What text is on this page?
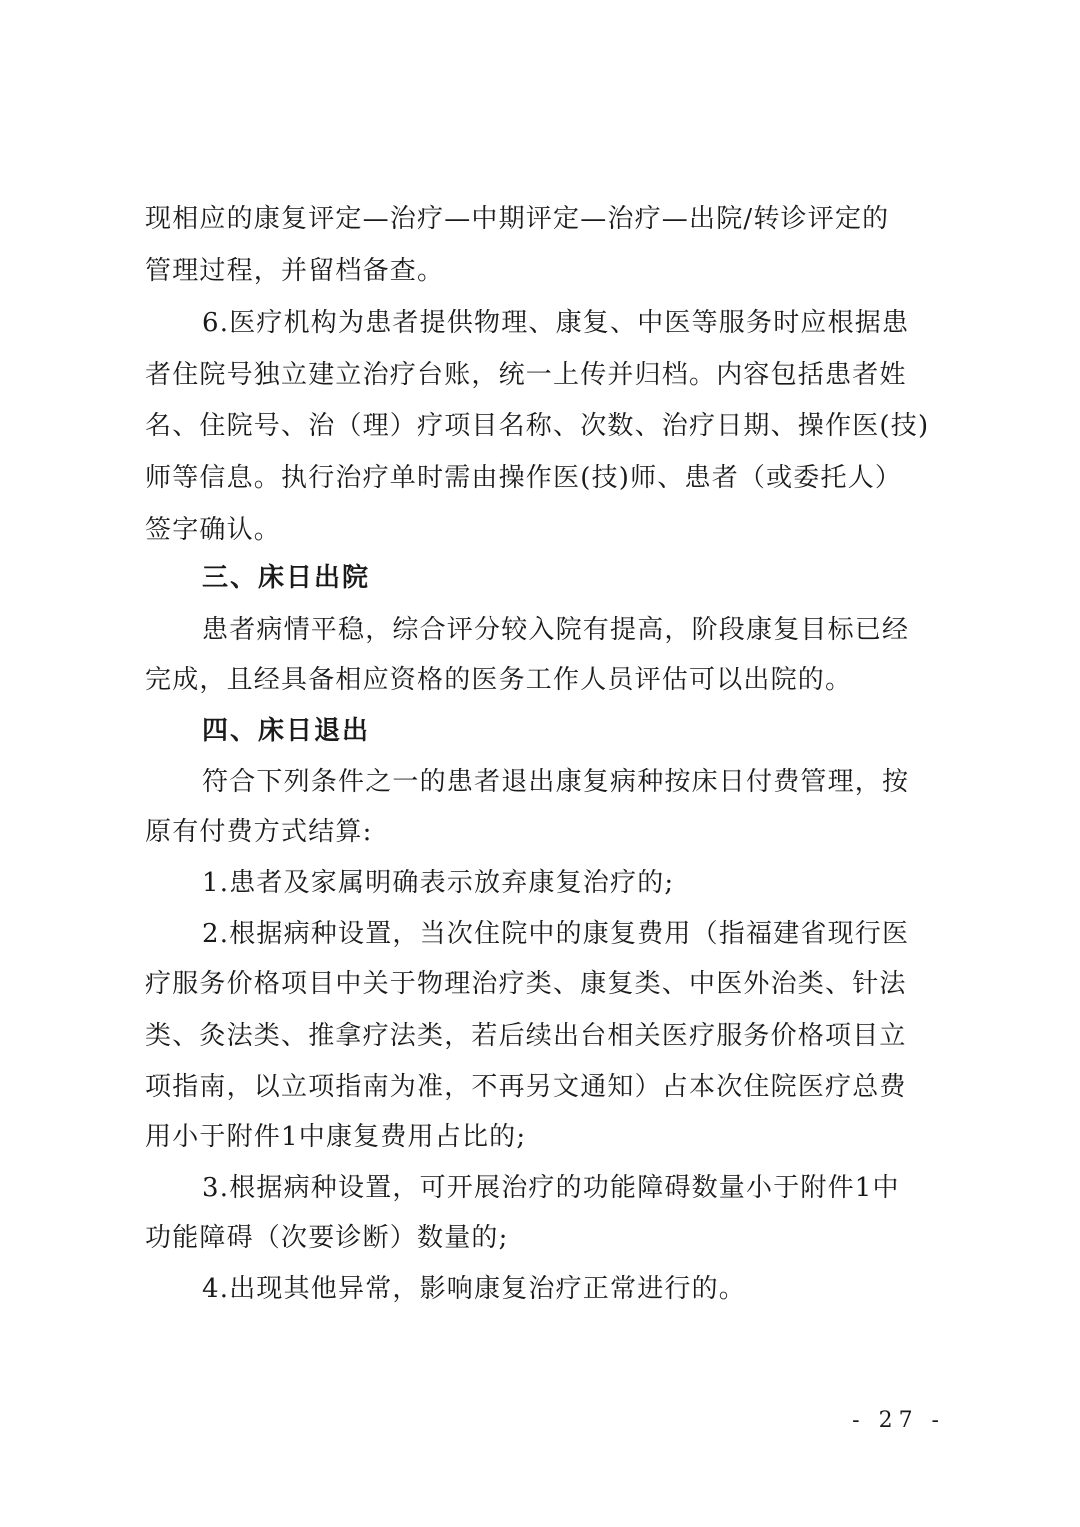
现相应的康复评定—治疗—中期评定—治疗—出院/转诊评定的
管理过程，并留档备查。
6.医疗机构为患者提供物理、康复、中医等服务时应根据患
者住院号独立建立治疗台账，统一上传并归档。内容包括患者姓
名、住院号、治（理）疗项目名称、次数、治疗日期、操作医(技)
师等信息。执行治疗单时需由操作医(技)师、患者（或委托人）
签字确认。
三、床日出院
患者病情平稳，综合评分较入院有提高，阶段康复目标已经
完成，且经具备相应资格的医务工作人员评估可以出院的。
四、床日退出
符合下列条件之一的患者退出康复病种按床日付费管理，按
原有付费方式结算:
1.患者及家属明确表示放弃康复治疗的;
2.根据病种设置，当次住院中的康复费用（指福建省现行医
疗服务价格项目中关于物理治疗类、康复类、中医外治类、针法
类、灸法类、推拿疗法类，若后续出台相关医疗服务价格项目立
项指南，以立项指南为准，不再另文通知）占本次住院医疗总费
用小于附件1中康复费用占比的;
3.根据病种设置，可开展治疗的功能障碍数量小于附件1中
功能障碍（次要诊断）数量的;
4.出现其他异常，影响康复治疗正常进行的。
- 27 -
